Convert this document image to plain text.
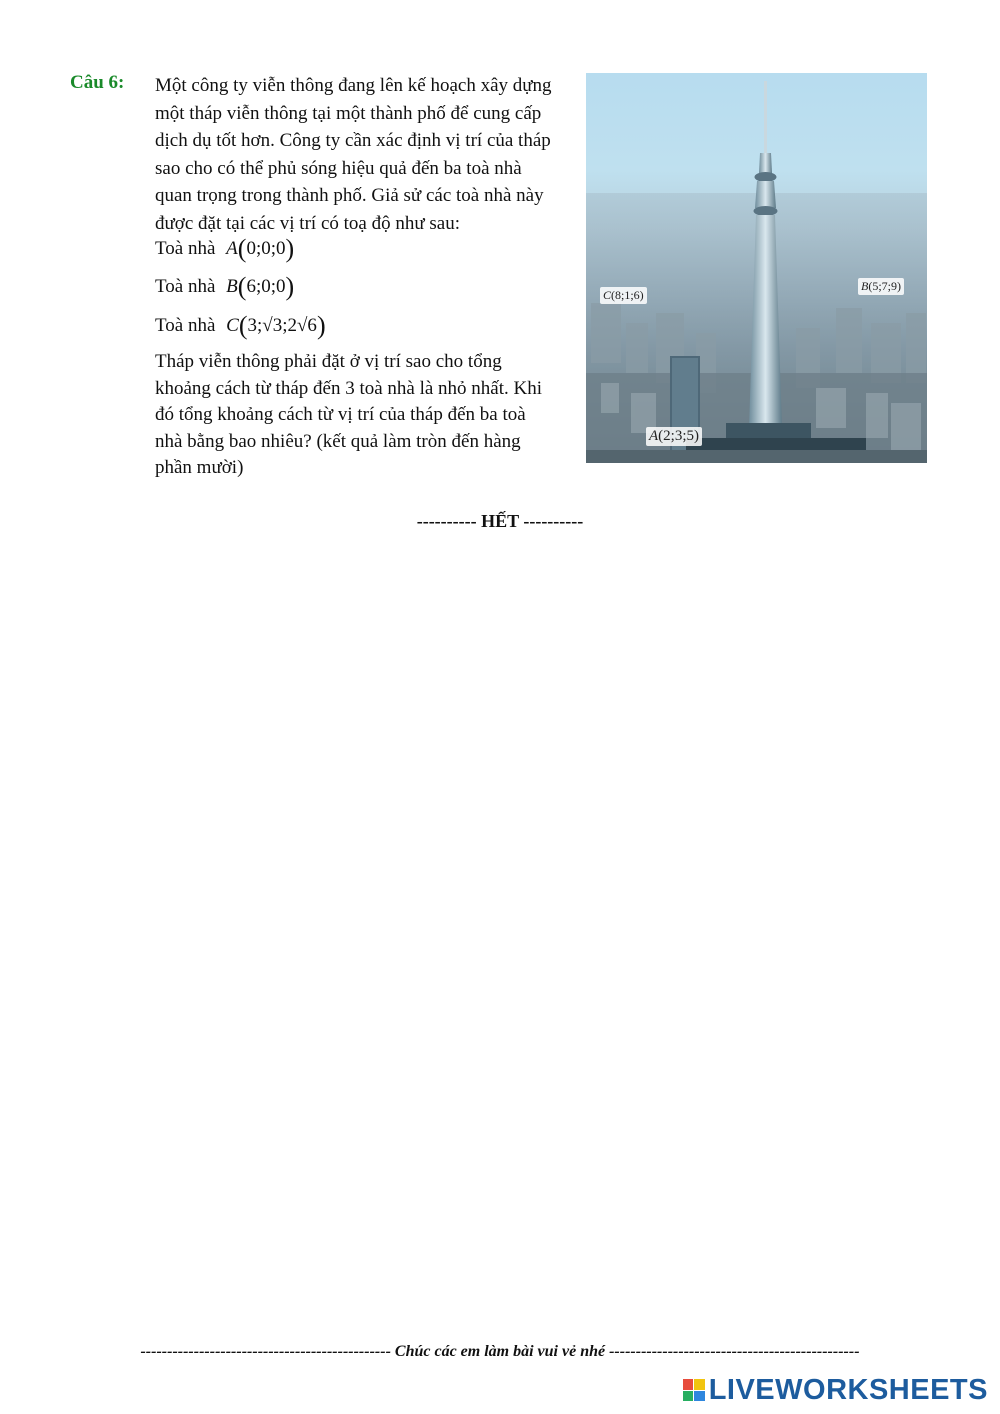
Câu 6: Một công ty viễn thông đang lên kế hoạch xây dựng
một tháp viễn thông tại một thành phố để cung cấp
dịch dụ tốt hơn. Công ty cần xác định vị trí của tháp
sao cho có thể phủ sóng hiệu quả đến ba toà nhà
quan trọng trong thành phố. Giả sử các toà nhà này
được đặt tại các vị trí có toạ độ như sau:
Toà nhà A(0;0;0)
Toà nhà B(6;0;0)
Toà nhà C(3;√3;2√6)
Tháp viễn thông phải đặt ở vị trí sao cho tổng
khoảng cách từ tháp đến 3 toà nhà là nhỏ nhất. Khi
đó tổng khoảng cách từ vị trí của tháp đến ba toà
nhà bằng bao nhiêu? (kết quả làm tròn đến hàng
phần mười)
C(8;1;6)
B(5;7;9)
A(2;3;5)
---------- HẾT ----------
----------------------------------------------- Chúc các em làm bài vui vẻ nhé -----------------------------------------------
LIVEWORKSHEETS
